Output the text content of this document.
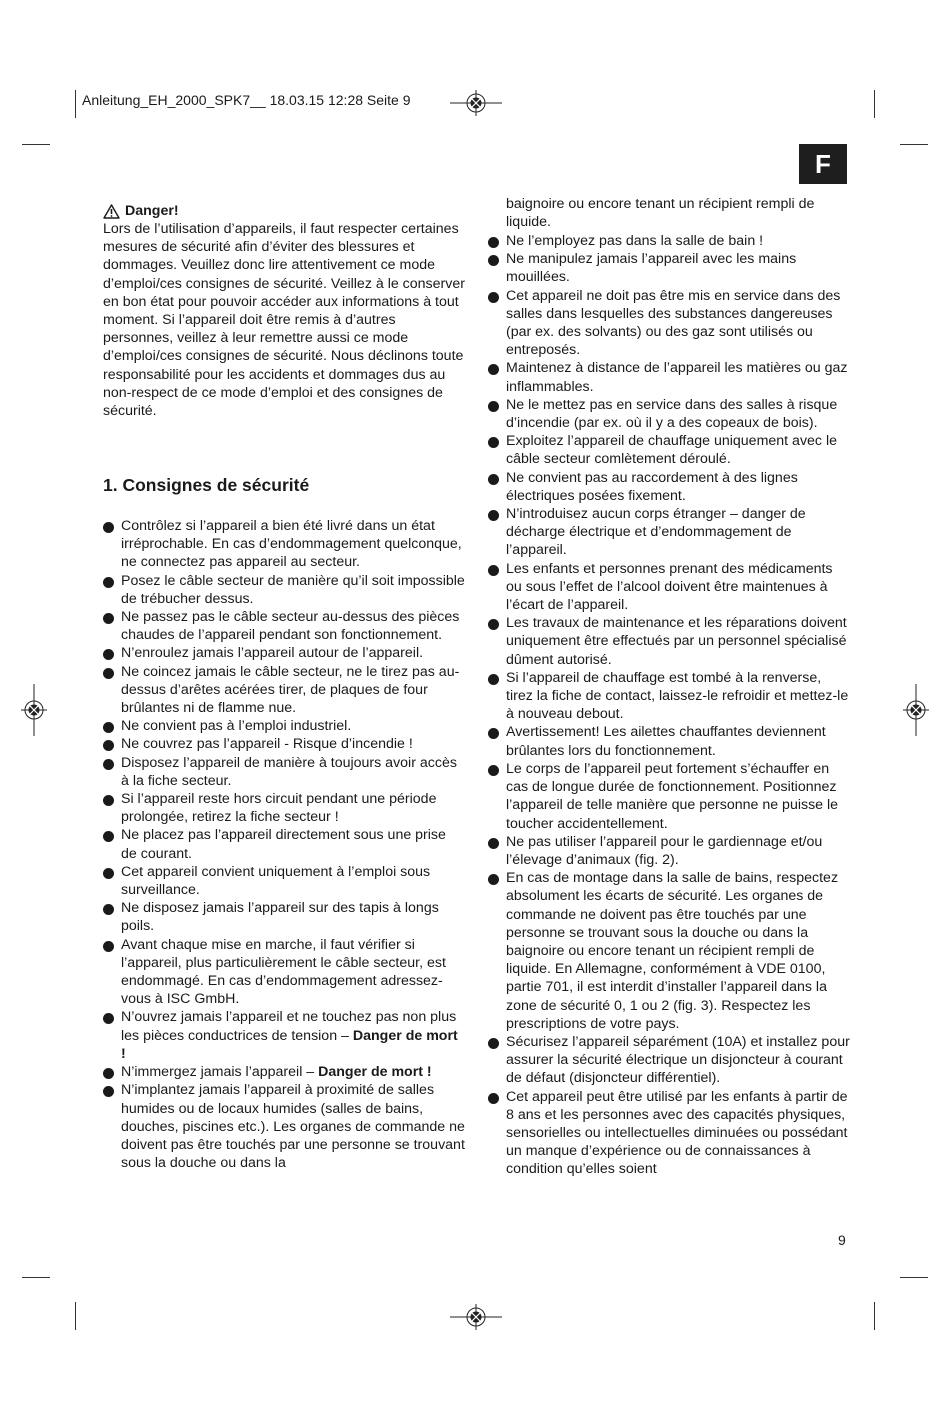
Anleitung_EH_2000_SPK7__ 18.03.15 12:28 Seite 9
F
Danger!
Lors de l’utilisation d’appareils, il faut respecter certaines mesures de sécurité afin d’éviter des blessures et dommages. Veuillez donc lire attentivement ce mode d’emploi/ces consignes de sécurité. Veillez à le conserver en bon état pour pouvoir accéder aux informations à tout moment. Si l’appareil doit être remis à d’autres personnes, veillez à leur remettre aussi ce mode d’emploi/ces consignes de sécurité. Nous déclinons toute responsabilité pour les accidents et dommages dus au non-respect de ce mode d’emploi et des consignes de sécurité.
1. Consignes de sécurité
Contrôlez si l’appareil a bien été livré dans un état irréprochable. En cas d’endommagement quelconque, ne connectez pas appareil au secteur.
Posez le câble secteur de manière qu’il soit impossible de trébucher dessus.
Ne passez pas le câble secteur au-dessus des pièces chaudes de l’appareil pendant son fonctionnement.
N’enroulez jamais l’appareil autour de l’appareil.
Ne coincez jamais le câble secteur, ne le tirez pas au-dessus d’arêtes acérées tirer, de plaques de four brûlantes ni de flamme nue.
Ne convient pas à l’emploi industriel.
Ne couvrez pas l’appareil - Risque d’incendie !
Disposez l’appareil de manière à toujours avoir accès à la fiche secteur.
Si l’appareil reste hors circuit pendant une période prolongée, retirez la fiche secteur !
Ne placez pas l’appareil directement sous une prise de courant.
Cet appareil convient uniquement à l’emploi sous surveillance.
Ne disposez jamais l’appareil sur des tapis à longs poils.
Avant chaque mise en marche, il faut vérifier si l’appareil, plus particulièrement le câble secteur, est endommagé. En cas d’endommagement adressez-vous à ISC GmbH.
N’ouvrez jamais l’appareil et ne touchez pas non plus les pièces conductrices de tension – Danger de mort !
N’immergez jamais l’appareil – Danger de mort !
N’implantez jamais l’appareil à proximité de salles humides ou de locaux humides (salles de bains, douches, piscines etc.). Les organes de commande ne doivent pas être touchés par une personne se trouvant sous la douche ou dans la
baignoire ou encore tenant un récipient rempli de liquide.
Ne l’employez pas dans la salle de bain !
Ne manipulez jamais l’appareil avec les mains mouillées.
Cet appareil ne doit pas être mis en service dans des salles dans lesquelles des substances dangereuses (par ex. des solvants) ou des gaz sont utilisés ou entreposés.
Maintenez à distance de l’appareil les matières ou gaz inflammables.
Ne le mettez pas en service dans des salles à risque d’incendie (par ex. où il y a des copeaux de bois).
Exploitez l’appareil de chauffage uniquement avec le câble secteur comlètement déroulé.
Ne convient pas au raccordement à des lignes électriques posées fixement.
N’introduisez aucun corps étranger – danger de décharge électrique et d’endommagement de l’appareil.
Les enfants et personnes prenant des médicaments ou sous l’effet de l’alcool doivent être maintenues à l’écart de l’appareil.
Les travaux de maintenance et les réparations doivent uniquement être effectués par un personnel spécialisé dûment autorisé.
Si l’appareil de chauffage est tombé à la renverse, tirez la fiche de contact, laissez-le refroidir et mettez-le à nouveau debout.
Avertissement! Les ailettes chauffantes deviennent brûlantes lors du fonctionnement.
Le corps de l’appareil peut fortement s’échauffer en cas de longue durée de fonctionnement. Positionnez l’appareil de telle manière que personne ne puisse le toucher accidentellement.
Ne pas utiliser l’appareil pour le gardiennage et/ou l’élevage d’animaux (fig. 2).
En cas de montage dans la salle de bains, respectez absolument les écarts de sécurité. Les organes de commande ne doivent pas être touchés par une personne se trouvant sous la douche ou dans la baignoire ou encore tenant un récipient rempli de liquide. En Allemagne, conformément à VDE 0100, partie 701, il est interdit d’installer l’appareil dans la zone de sécurité 0, 1 ou 2 (fig. 3). Respectez les prescriptions de votre pays.
Sécurisez l’appareil séparément (10A) et installez pour assurer la sécurité électrique un disjoncteur à courant de défaut (disjoncteur différentiel).
Cet appareil peut être utilisé par les enfants à partir de 8 ans et les personnes avec des capacités physiques, sensorielles ou intellectuelles diminuées ou possédant un manque d’expérience ou de connaissances à condition qu’elles soient
9
